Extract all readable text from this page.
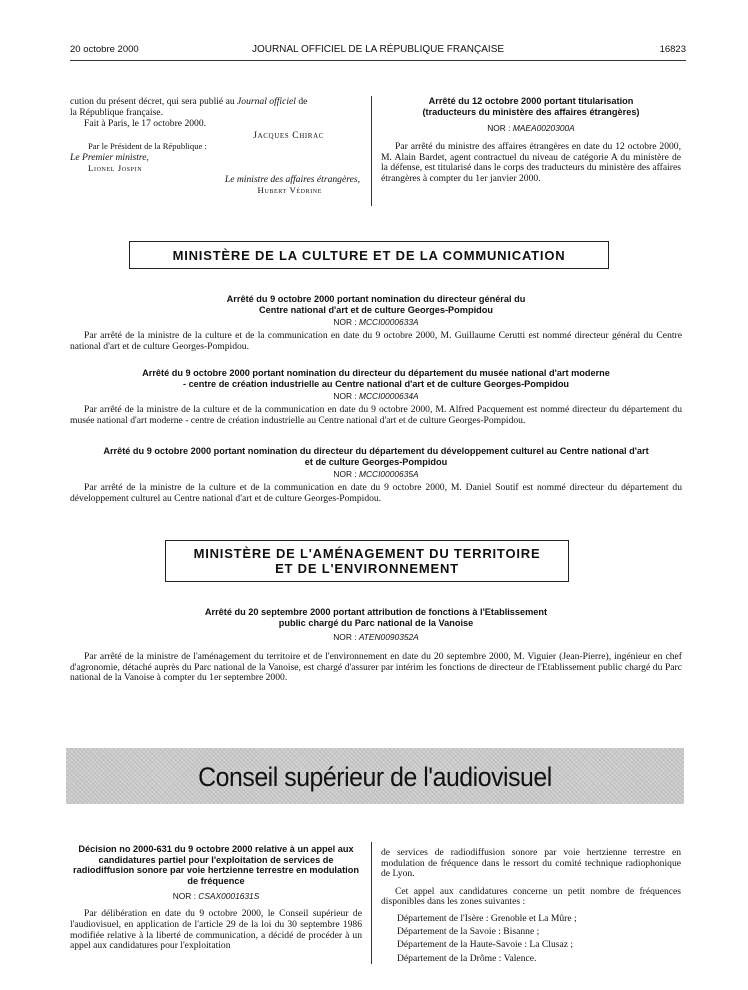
20 octobre 2000	JOURNAL OFFICIEL DE LA RÉPUBLIQUE FRANÇAISE	16823
cution du présent décret, qui sera publié au Journal officiel de
la République française.
Fait à Paris, le 17 octobre 2000.
Jacques Chirac
Par le Président de la République :
Le Premier ministre,
Lionel Jospin
Le ministre des affaires étrangères,
Hubert Védrine
Arrêté du 12 octobre 2000 portant titularisation (traducteurs du ministère des affaires étrangères)
NOR : MAEA0020300A
Par arrêté du ministre des affaires étrangères en date du 12 octobre 2000, M. Alain Bardet, agent contractuel du niveau de catégorie A du ministère de la défense, est titularisé dans le corps des traducteurs du ministère des affaires étrangères à compter du 1er janvier 2000.
MINISTÈRE DE LA CULTURE ET DE LA COMMUNICATION
Arrêté du 9 octobre 2000 portant nomination du directeur général du Centre national d'art et de culture Georges-Pompidou
NOR : MCCI0000633A
Par arrêté de la ministre de la culture et de la communication en date du 9 octobre 2000, M. Guillaume Cerutti est nommé directeur général du Centre national d'art et de culture Georges-Pompidou.
Arrêté du 9 octobre 2000 portant nomination du directeur du département du musée national d'art moderne - centre de création industrielle au Centre national d'art et de culture Georges-Pompidou
NOR : MCCI0000634A
Par arrêté de la ministre de la culture et de la communication en date du 9 octobre 2000, M. Alfred Pacquement est nommé directeur du département du musée national d'art moderne - centre de création industrielle au Centre national d'art et de culture Georges-Pompidou.
Arrêté du 9 octobre 2000 portant nomination du directeur du département du développement culturel au Centre national d'art et de culture Georges-Pompidou
NOR : MCCI0000635A
Par arrêté de la ministre de la culture et de la communication en date du 9 octobre 2000, M. Daniel Soutif est nommé directeur du département du développement culturel au Centre national d'art et de culture Georges-Pompidou.
MINISTÈRE DE L'AMÉNAGEMENT DU TERRITOIRE
ET DE L'ENVIRONNEMENT
Arrêté du 20 septembre 2000 portant attribution de fonctions à l'Etablissement public chargé du Parc national de la Vanoise
NOR : ATEN0090352A
Par arrêté de la ministre de l'aménagement du territoire et de l'environnement en date du 20 septembre 2000, M. Viguier (Jean-Pierre), ingénieur en chef d'agronomie, détaché auprès du Parc national de la Vanoise, est chargé d'assurer par intérim les fonctions de directeur de l'Etablissement public chargé du Parc national de la Vanoise à compter du 1er septembre 2000.
Conseil supérieur de l'audiovisuel
Décision no 2000-631 du 9 octobre 2000 relative à un appel aux candidatures partiel pour l'exploitation de services de radiodiffusion sonore par voie hertzienne terrestre en modulation de fréquence
NOR : CSAX0001631S
Par délibération en date du 9 octobre 2000, le Conseil supérieur de l'audiovisuel, en application de l'article 29 de la loi du 30 septembre 1986 modifiée relative à la liberté de communication, a décidé de procéder à un appel aux candidatures pour l'exploitation
de services de radiodiffusion sonore par voie hertzienne terrestre en modulation de fréquence dans le ressort du comité technique radiophonique de Lyon.
Cet appel aux candidatures concerne un petit nombre de fréquences disponibles dans les zones suivantes :
Département de l'Isère : Grenoble et La Mûre ;
Département de la Savoie : Bisanne ;
Département de la Haute-Savoie : La Clusaz ;
Département de la Drôme : Valence.
